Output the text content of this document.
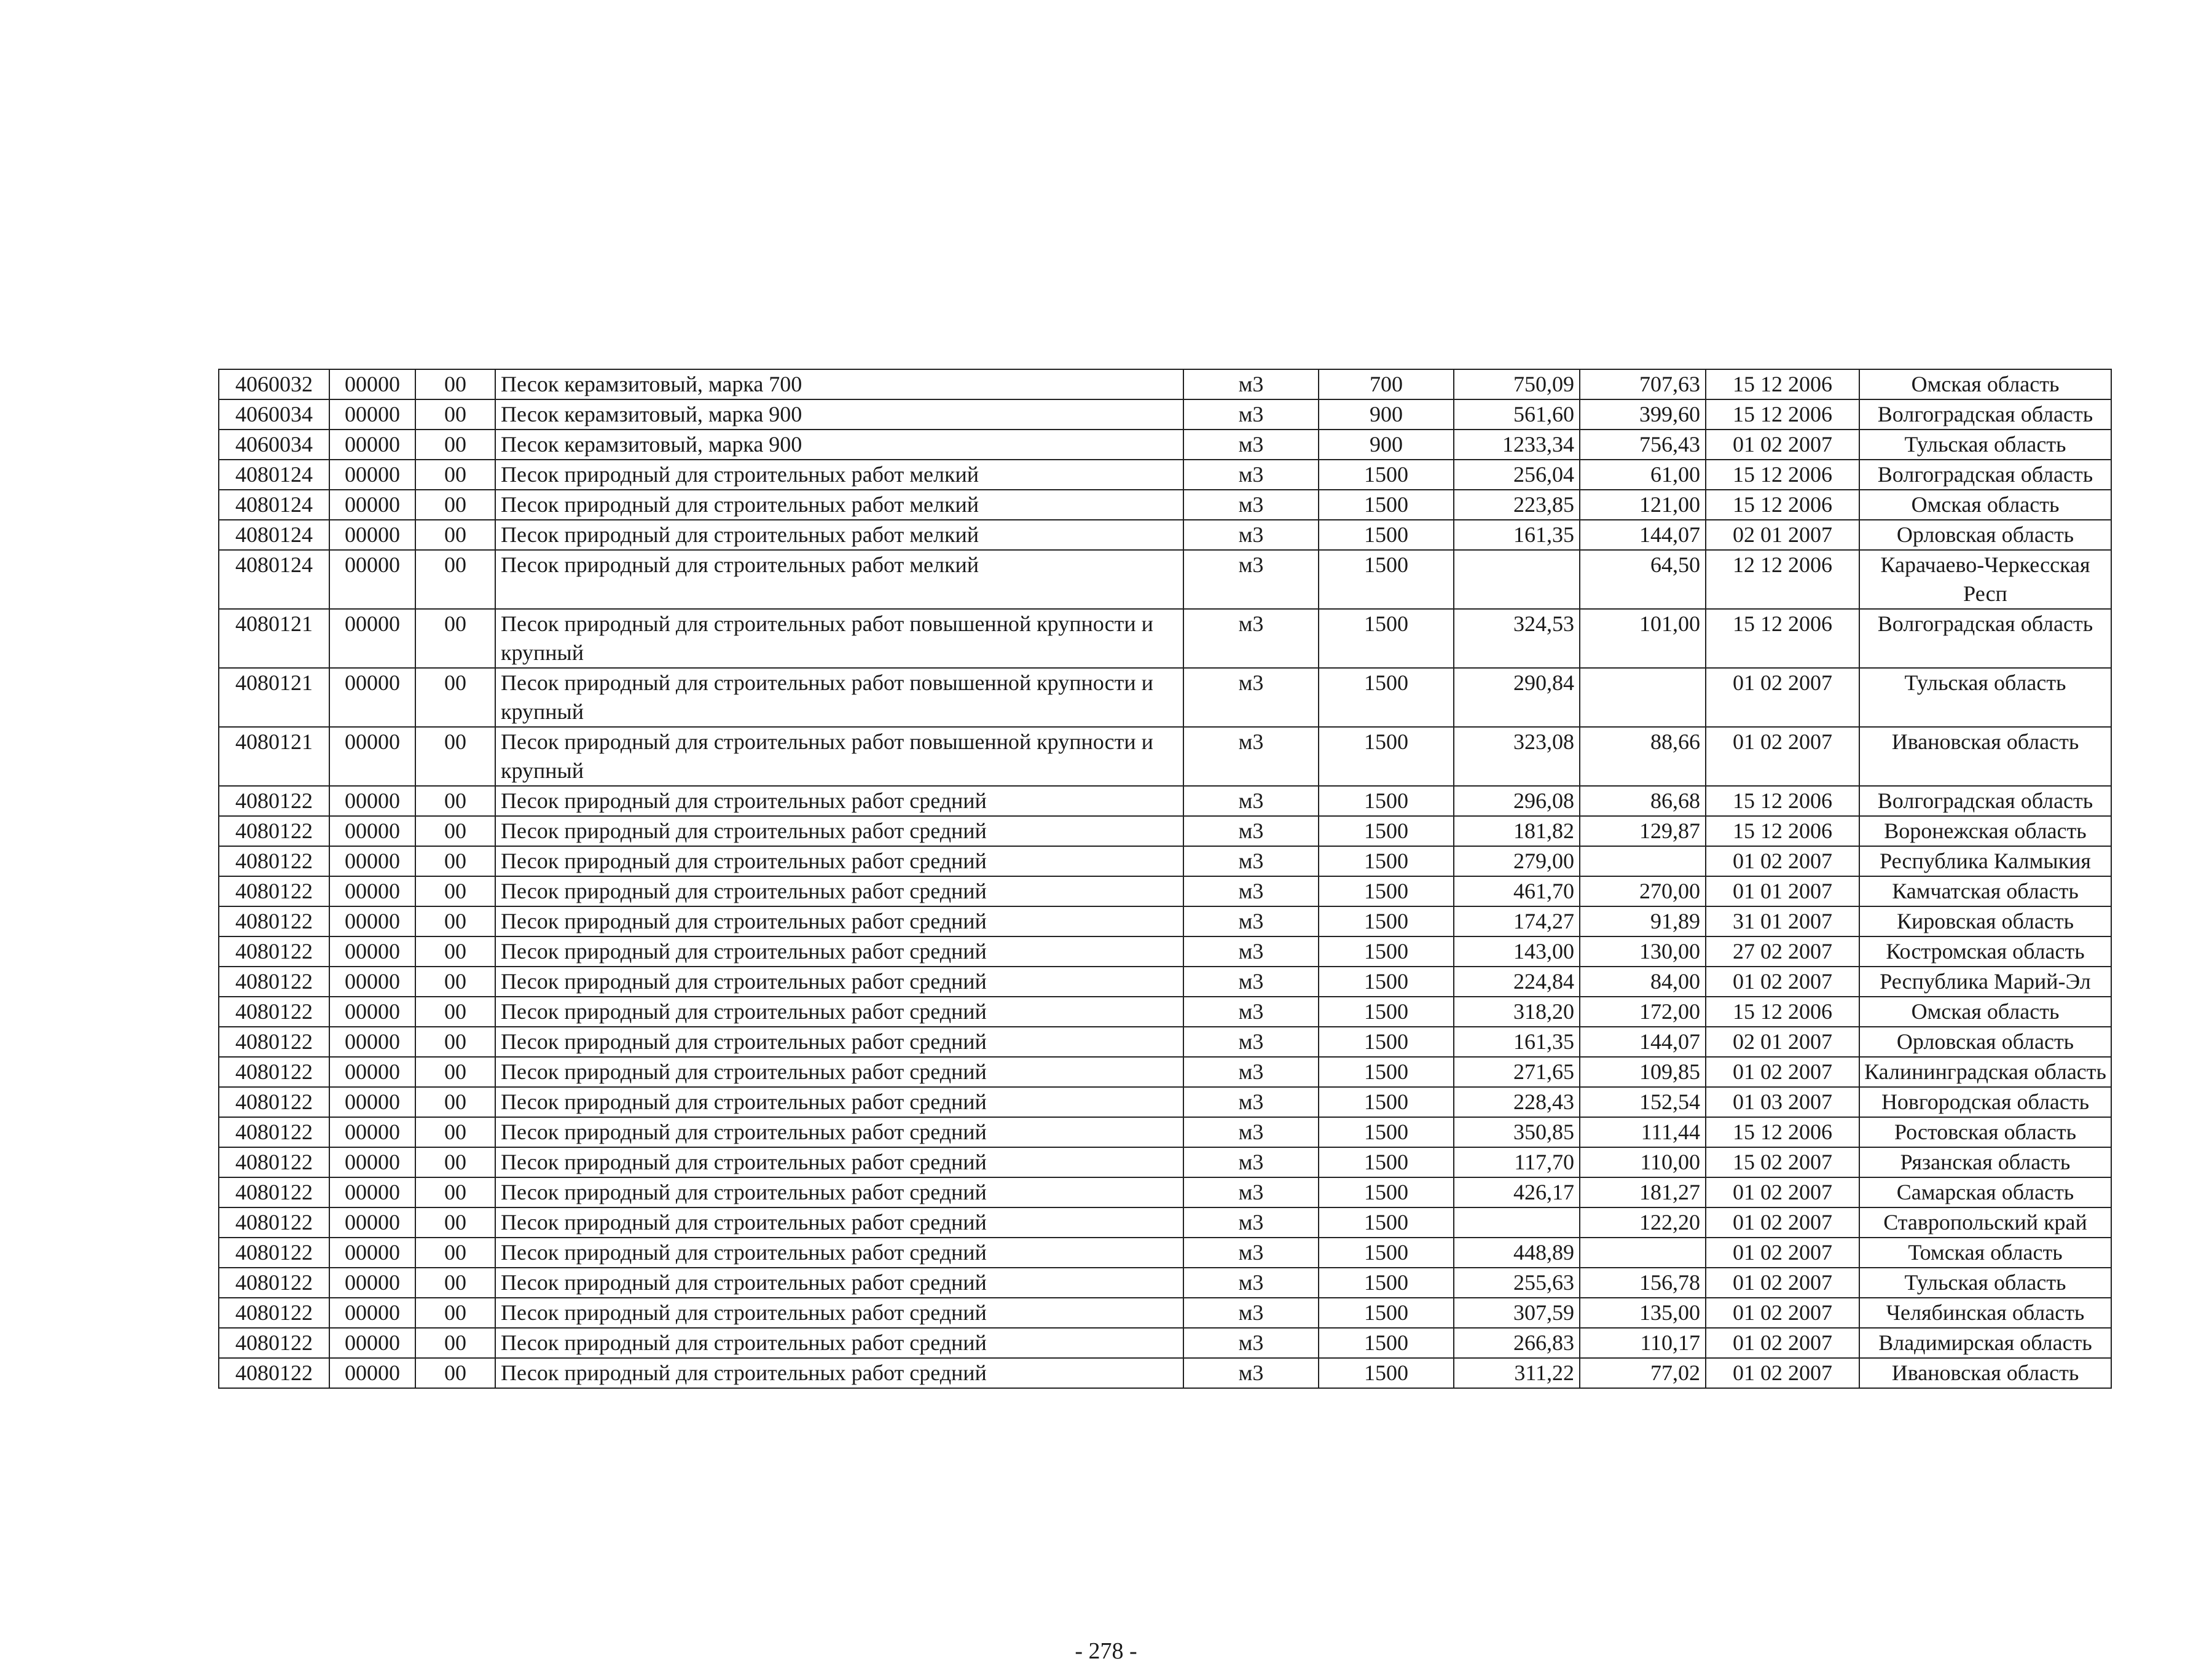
4060032	00000	00	Песок керамзитовый, марка 700	м3	700	750,09	707,63	15 12 2006	Омская область
4060034	00000	00	Песок керамзитовый, марка 900	м3	900	561,60	399,60	15 12 2006	Волгоградская область
4060034	00000	00	Песок керамзитовый, марка 900	м3	900	1233,34	756,43	01 02 2007	Тульская область
4080124	00000	00	Песок природный для строительных работ мелкий	м3	1500	256,04	61,00	15 12 2006	Волгоградская область
4080124	00000	00	Песок природный для строительных работ мелкий	м3	1500	223,85	121,00	15 12 2006	Омская область
4080124	00000	00	Песок природный для строительных работ мелкий	м3	1500	161,35	144,07	02 01 2007	Орловская область
4080124	00000	00	Песок природный для строительных работ мелкий	м3	1500		64,50	12 12 2006	Карачаево-Черкесская Респ
4080121	00000	00	Песок природный для строительных работ повышенной крупности и крупный	м3	1500	324,53	101,00	15 12 2006	Волгоградская область
4080121	00000	00	Песок природный для строительных работ повышенной крупности и крупный	м3	1500	290,84		01 02 2007	Тульская область
4080121	00000	00	Песок природный для строительных работ повышенной крупности и крупный	м3	1500	323,08	88,66	01 02 2007	Ивановская область
4080122	00000	00	Песок природный для строительных работ средний	м3	1500	296,08	86,68	15 12 2006	Волгоградская область
4080122	00000	00	Песок природный для строительных работ средний	м3	1500	181,82	129,87	15 12 2006	Воронежская область
4080122	00000	00	Песок природный для строительных работ средний	м3	1500	279,00		01 02 2007	Республика Калмыкия
4080122	00000	00	Песок природный для строительных работ средний	м3	1500	461,70	270,00	01 01 2007	Камчатская область
4080122	00000	00	Песок природный для строительных работ средний	м3	1500	174,27	91,89	31 01 2007	Кировская область
4080122	00000	00	Песок природный для строительных работ средний	м3	1500	143,00	130,00	27 02 2007	Костромская область
4080122	00000	00	Песок природный для строительных работ средний	м3	1500	224,84	84,00	01 02 2007	Республика Марий-Эл
4080122	00000	00	Песок природный для строительных работ средний	м3	1500	318,20	172,00	15 12 2006	Омская область
4080122	00000	00	Песок природный для строительных работ средний	м3	1500	161,35	144,07	02 01 2007	Орловская область
4080122	00000	00	Песок природный для строительных работ средний	м3	1500	271,65	109,85	01 02 2007	Калининградская область
4080122	00000	00	Песок природный для строительных работ средний	м3	1500	228,43	152,54	01 03 2007	Новгородская область
4080122	00000	00	Песок природный для строительных работ средний	м3	1500	350,85	111,44	15 12 2006	Ростовская область
4080122	00000	00	Песок природный для строительных работ средний	м3	1500	117,70	110,00	15 02 2007	Рязанская область
4080122	00000	00	Песок природный для строительных работ средний	м3	1500	426,17	181,27	01 02 2007	Самарская область
4080122	00000	00	Песок природный для строительных работ средний	м3	1500		122,20	01 02 2007	Ставропольский край
4080122	00000	00	Песок природный для строительных работ средний	м3	1500	448,89		01 02 2007	Томская область
4080122	00000	00	Песок природный для строительных работ средний	м3	1500	255,63	156,78	01 02 2007	Тульская область
4080122	00000	00	Песок природный для строительных работ средний	м3	1500	307,59	135,00	01 02 2007	Челябинская область
4080122	00000	00	Песок природный для строительных работ средний	м3	1500	266,83	110,17	01 02 2007	Владимирская область
4080122	00000	00	Песок природный для строительных работ средний	м3	1500	311,22	77,02	01 02 2007	Ивановская область
- 278 -
